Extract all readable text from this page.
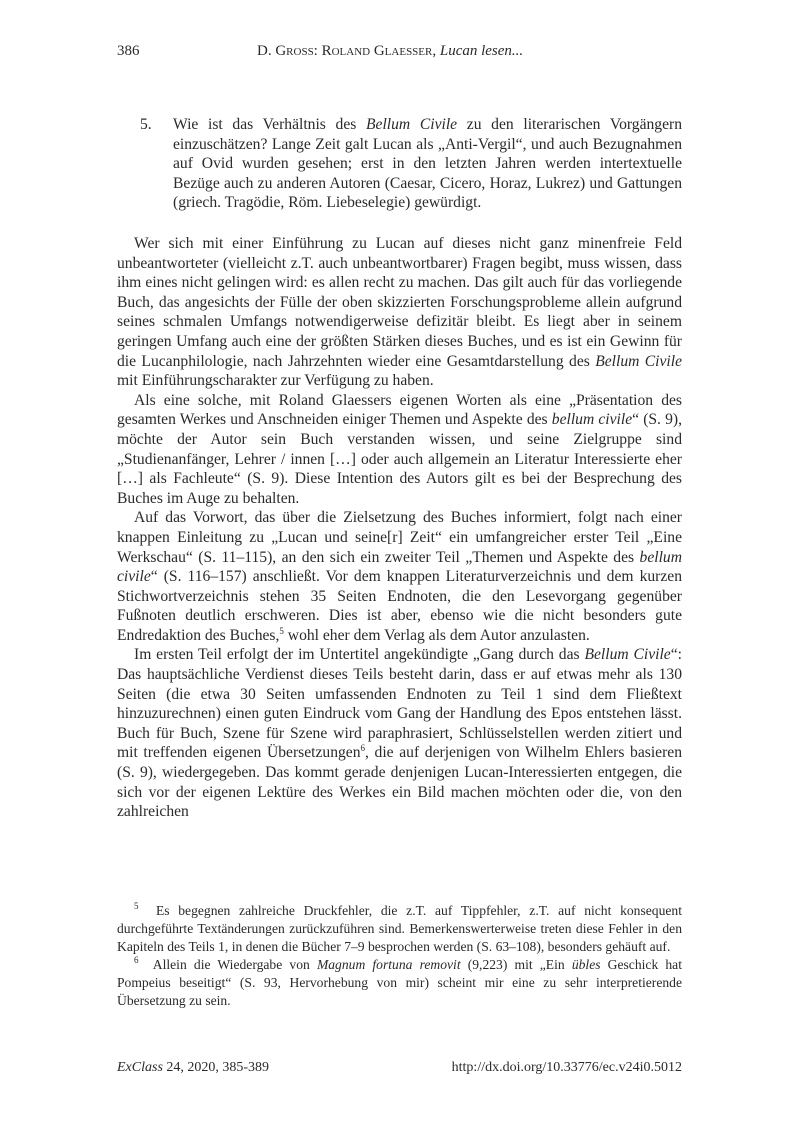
386	D. Gross: Roland Glaesser, Lucan lesen...
5.	Wie ist das Verhältnis des Bellum Civile zu den literarischen Vorgängern einzuschätzen? Lange Zeit galt Lucan als „Anti-Vergil“, und auch Bezugnahmen auf Ovid wurden gesehen; erst in den letzten Jahren werden intertextuelle Bezüge auch zu anderen Autoren (Caesar, Cicero, Horaz, Lukrez) und Gattungen (griech. Tragödie, Röm. Liebeselegie) gewürdigt.

Wer sich mit einer Einführung zu Lucan auf dieses nicht ganz minenfreie Feld unbeantworteter (vielleicht z.T. auch unbeantwortbarer) Fragen begibt, muss wissen, dass ihm eines nicht gelingen wird: es allen recht zu machen. Das gilt auch für das vorliegende Buch, das angesichts der Fülle der oben skizzierten Forschungsprobleme allein aufgrund seines schmalen Umfangs notwendigerweise defizitär bleibt. Es liegt aber in seinem geringen Umfang auch eine der größten Stärken dieses Buches, und es ist ein Gewinn für die Lucanphilologie, nach Jahrzehnten wieder eine Gesamtdarstellung des Bellum Civile mit Einführungscharakter zur Verfügung zu haben.

Als eine solche, mit Roland Glaessers eigenen Worten als eine „Präsentation des gesamten Werkes und Anschneiden einiger Themen und Aspekte des bellum civile“ (S. 9), möchte der Autor sein Buch verstanden wissen, und seine Zielgruppe sind „Studienanfänger, Lehrer / innen […] oder auch allgemein an Literatur Interessierte eher […] als Fachleute“ (S. 9). Diese Intention des Autors gilt es bei der Besprechung des Buches im Auge zu behalten.

Auf das Vorwort, das über die Zielsetzung des Buches informiert, folgt nach einer knappen Einleitung zu „Lucan und seine[r] Zeit“ ein umfangreicher erster Teil „Eine Werkschau“ (S. 11–115), an den sich ein zweiter Teil „Themen und Aspekte des bellum civile“ (S. 116–157) anschließt. Vor dem knappen Literaturverzeichnis und dem kurzen Stichwortverzeichnis stehen 35 Seiten Endnoten, die den Lesevorgang gegenüber Fußnoten deutlich erschweren. Dies ist aber, ebenso wie die nicht besonders gute Endredaktion des Buches,$^5$ wohl eher dem Verlag als dem Autor anzulasten.

Im ersten Teil erfolgt der im Untertitel angekündigte „Gang durch das Bellum Civile“: Das hauptsächliche Verdienst dieses Teils besteht darin, dass er auf etwas mehr als 130 Seiten (die etwa 30 Seiten umfassenden Endnoten zu Teil 1 sind dem Fließtext hinzuzurechnen) einen guten Eindruck vom Gang der Handlung des Epos entstehen lässt. Buch für Buch, Szene für Szene wird paraphrasiert, Schlüsselstellen werden zitiert und mit treffenden eigenen Übersetzungen$^6$, die auf derjenigen von Wilhelm Ehlers basieren (S. 9), wiedergegeben. Das kommt gerade denjenigen Lucan-Interessierten entgegen, die sich vor der eigenen Lektüre des Werkes ein Bild machen möchten oder die, von den zahlreichen

$^5$ Es begegnen zahlreiche Druckfehler, die z.T. auf Tippfehler, z.T. auf nicht konsequent durchgeführte Textänderungen zurückzuführen sind. Bemerkenswerterweise treten diese Fehler in den Kapiteln des Teils 1, in denen die Bücher 7–9 besprochen werden (S. 63–108), besonders gehäuft auf.

$^6$ Allein die Wiedergabe von Magnum fortuna removit (9,223) mit „Ein übles Geschick hat Pompeius beseitigt“ (S. 93, Hervorhebung von mir) scheint mir eine zu sehr interpretierende Übersetzung zu sein.

ExClass 24, 2020, 385-389	http://dx.doi.org/10.33776/ec.v24i0.5012
